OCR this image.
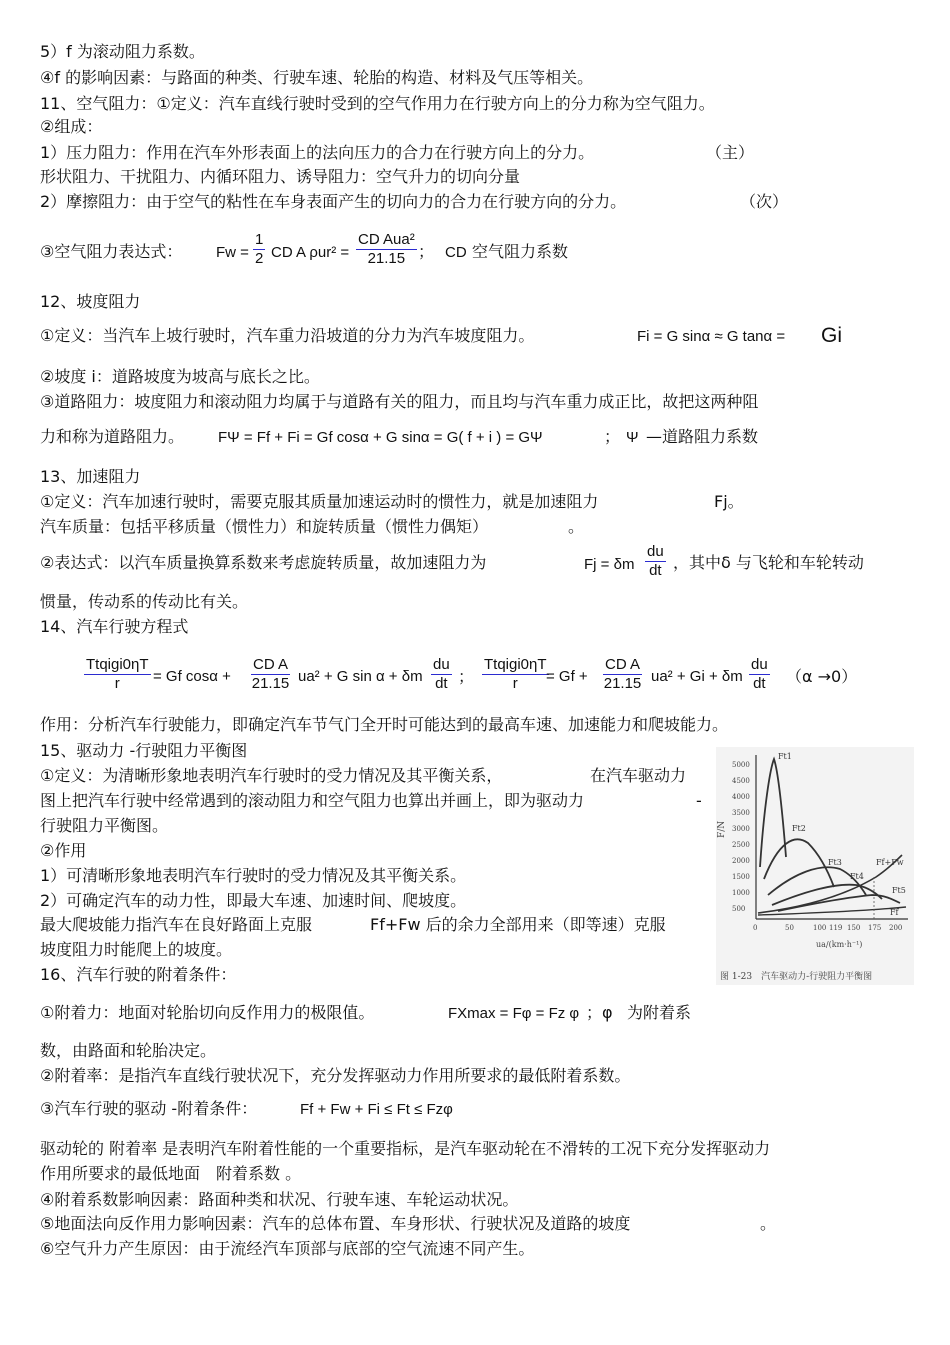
5）f 为滚动阻力系数。
④f 的影响因素：与路面的种类、行驶车速、轮胎的构造、材料及气压等相关。
11、空气阻力：①定义：汽车直线行驶时受到的空气作用力在行驶方向上的分力称为空气阻力。
②组成：
1）压力阻力：作用在汽车外形表面上的法向压力的合力在行驶方向上的分力。	（主）
形状阻力、干扰阻力、内循环阻力、诱导阻力：空气升力的切向分量
2）摩擦阻力：由于空气的粘性在车身表面产生的切向力的合力在行驶方向的分力。	（次）
③空气阻力表达式： $Fw = \frac{1}{2}$ CD A ρur² =
CD Aua²
21.15 ； CD 空气阻力系数
12、坡度阻力
①定义：当汽车上坡行驶时，汽车重力沿坡道的分力为汽车坡度阻力。	Fi = G sinα ≈ G tanα = Gi
②坡度 i：道路坡度为坡高与底长之比。
③道路阻力：坡度阻力和滚动阻力均属于与道路有关的阻力，而且均与汽车重力成正比，故把这两种阻
力和称为道路阻力。 FΨ = Ff + Fi = Gf cosα + G sinα = G( f + i ) = GΨ	； Ψ —道路阻力系数
13、加速阻力
①定义：汽车加速行驶时，需要克服其质量加速运动时的惯性力，就是加速阻力	Fj。
汽车质量：包括平移质量（惯性力）和旋转质量（惯性力偶矩）	。
②表达式：以汽车质量换算系数来考虑旋转质量，故加速阻力为	Fj = δm $\frac{du}{dt}$ ，其中δ 与飞轮和车轮转动
惯量，传动系的传动比有关。
14、汽车行驶方程式
Ttqigi0ηT
r	= Gf $\cos\alpha + \frac{\text{CD A}}{21.15} ua^2 + G$ sin α + δm $\frac{du}{dt}$ ；
Ttqigi0ηT
r	= $Gf + \frac{\text{CD A}}{21.15} ua^2 + Gi + \delta m \frac{du}{dt} (\alpha \to 0)$
作用：分析汽车行驶能力，即确定汽车节气门全开时可能达到的最高车速、加速能力和爬坡能力。
15、驱动力 -行驶阻力平衡图
①定义：为清晰形象地表明汽车行驶时的受力情况及其平衡关系，	在汽车驱动力
图上把汽车行驶中经常遇到的滚动阻力和空气阻力也算出并画上，即为驱动力	-
行驶阻力平衡图。
②作用
1）可清晰形象地表明汽车行驶时的受力情况及其平衡关系。
2）可确定汽车的动力性，即最大车速、加速时间、爬坡度。
最大爬坡能力指汽车在良好路面上克服	Ff+Fw 后的余力全部用来（即等速）克服
坡度阻力时能爬上的坡度。
16、汽车行驶的附着条件：
5000
4500
4000
3500
3000
2500
2000
1500
1000
500
0	50	100 119 150 175 200
F/N
ua/(km·h⁻¹)
Ft1
Ft2
Ft3
Ft4
Ft5
Ff+Fw
Ff
图 1-23　汽车驱动力-行驶阻力平衡图
①附着力：地面对轮胎切向反作用力的极限值。	FXmax = Fφ = Fz φ ；φ 为附着系
数，由路面和轮胎决定。
②附着率：是指汽车直线行驶状况下，充分发挥驱动力作用所要求的最低附着系数。
③汽车行驶的驱动 -附着条件：	Ff + Fw + Fi ≤ Ft ≤ Fzφ
驱动轮的 附着率 是表明汽车附着性能的一个重要指标，是汽车驱动轮在不滑转的工况下充分发挥驱动力
作用所要求的最低地面　附着系数 。
④附着系数影响因素：路面种类和状况、行驶车速、车轮运动状况。
⑤地面法向反作用力影响因素：汽车的总体布置、车身形状、行驶状况及道路的坡度	。
⑥空气升力产生原因：由于流经汽车顶部与底部的空气流速不同产生。
